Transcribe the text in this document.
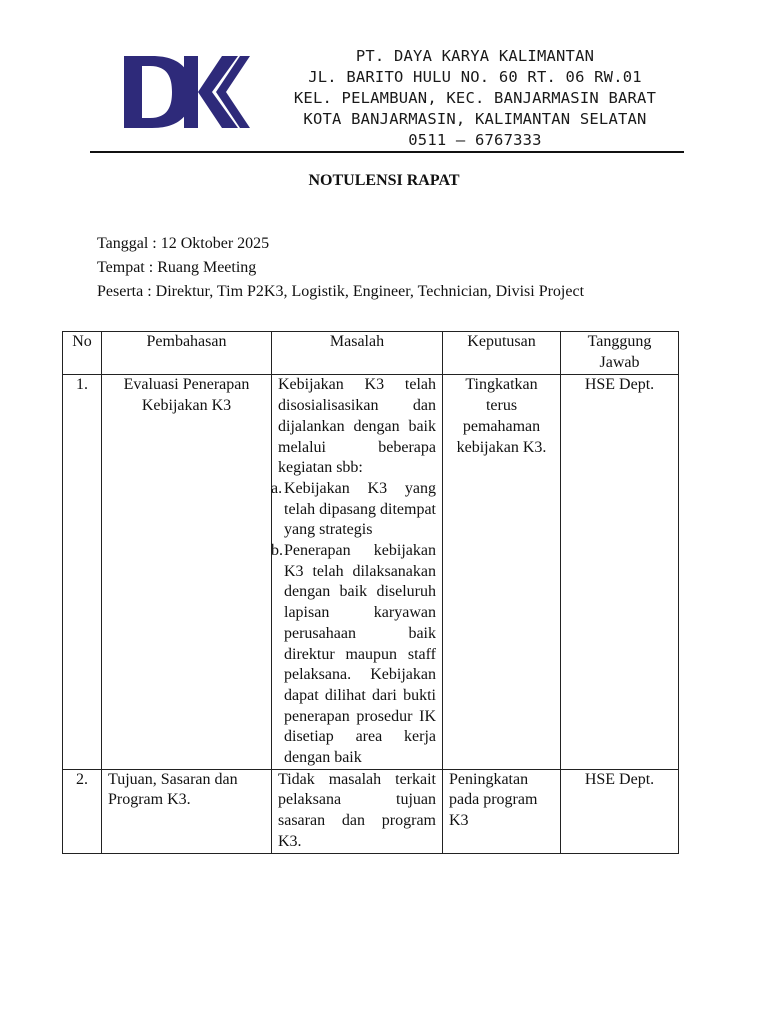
PT. DAYA KARYA KALIMANTAN
JL. BARITO HULU NO. 60 RT. 06 RW.01
KEL. PELAMBUAN, KEC. BANJARMASIN BARAT
KOTA BANJARMASIN, KALIMANTAN SELATAN
0511 – 6767333
NOTULENSI RAPAT
Tanggal : 12 Oktober 2025
Tempat : Ruang Meeting
Peserta : Direktur, Tim P2K3, Logistik, Engineer, Technician, Divisi Project
No	Pembahasan	Masalah	Keputusan	Tanggung Jawab
1.	Evaluasi Penerapan Kebijakan K3	Kebijakan K3 telah disosialisasikan dan dijalankan dengan baik melalui beberapa kegiatan sbb:
a. Kebijakan K3 yang telah dipasang ditempat yang strategis
b. Penerapan kebijakan K3 telah dilaksanakan dengan baik diseluruh lapisan karyawan perusahaan baik direktur maupun staff pelaksana. Kebijakan dapat dilihat dari bukti penerapan prosedur IK disetiap area kerja dengan baik	Tingkatkan terus pemahaman kebijakan K3.	HSE Dept.
2.	Tujuan, Sasaran dan Program K3.	Tidak masalah terkait pelaksana tujuan sasaran dan program K3.	Peningkatan pada program K3	HSE Dept.
